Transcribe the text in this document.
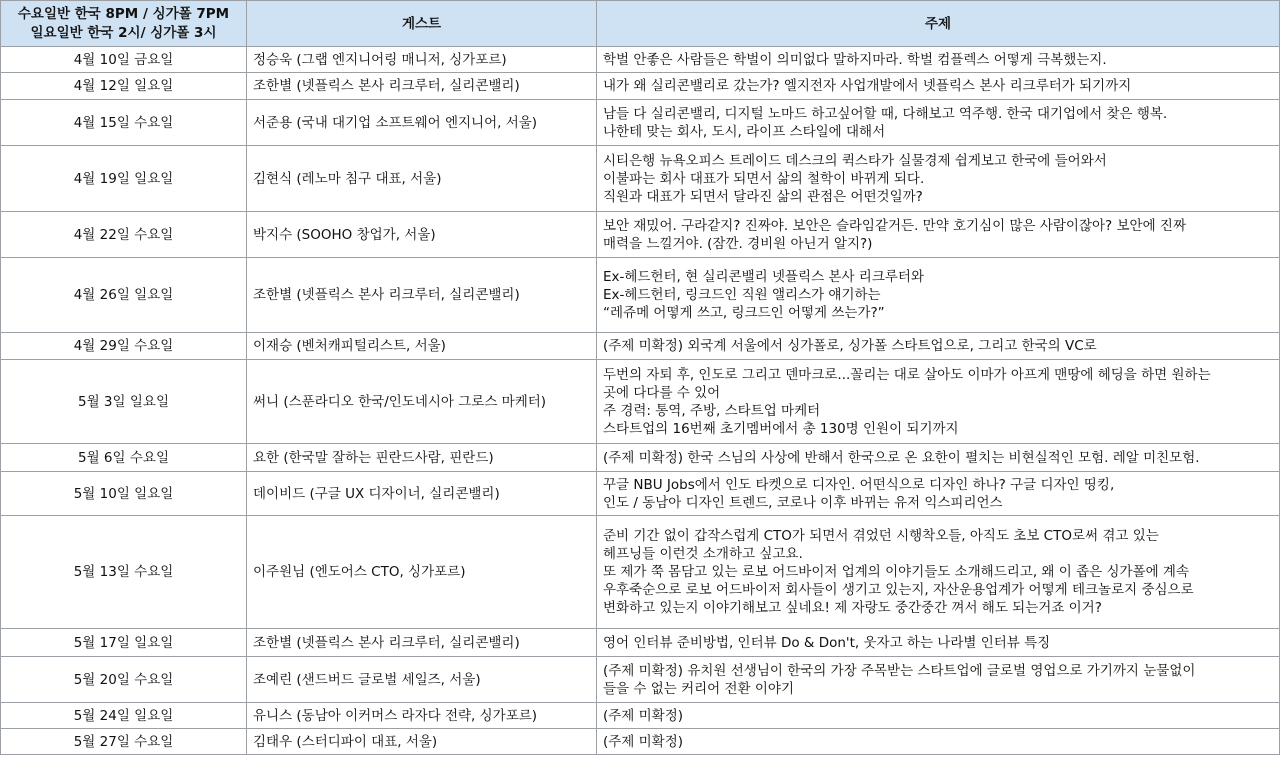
수요일반 한국 8PM / 싱가폴 7PM
일요일반 한국 2시/ 싱가폴 3시	게스트	주제
4월 10일 금요일	정승욱 (그랩 엔지니어링 매니저, 싱가포르)	학벌 안좋은 사람들은 학벌이 의미없다 말하지마라. 학벌 컴플렉스 어떻게 극복했는지.

4월 12일 일요일	조한별 (넷플릭스 본사 리크루터, 실리콘밸리)	내가 왜 실리콘밸리로 갔는가? 엘지전자 사업개발에서 넷플릭스 본사 리크루터가 되기까지

4월 15일 수요일	서준용 (국내 대기업 소프트웨어 엔지니어, 서울)	남들 다 실리콘밸리, 디지털 노마드 하고싶어할 때, 다해보고 역주행. 한국 대기업에서 찾은 행복.
나한테 맞는 회사, 도시, 라이프 스타일에 대해서

4월 19일 일요일	김현식 (레노마 침구 대표, 서울)	시티은행 뉴욕오피스 트레이드 데스크의 퀵스타가 실물경제 쉽게보고 한국에 들어와서
이불파는 회사 대표가 되면서 삶의 철학이 바뀌게 되다.
직원과 대표가 되면서 달라진 삶의 관점은 어떤것일까?

4월 22일 수요일	박지수 (SOOHO 창업가, 서울)	보안 재밌어. 구라같지? 진짜야. 보안은 슬라임같거든. 만약 호기심이 많은 사람이잖아? 보안에 진짜
매력을 느낄거야. (잠깐. 경비원 아닌거 알지?)

4월 26일 일요일	조한별 (넷플릭스 본사 리크루터, 실리콘밸리)	Ex-헤드헌터, 현 실리콘밸리 넷플릭스 본사 리크루터와
Ex-헤드헌터, 링크드인 직원 앨리스가 얘기하는
“레쥬메 어떻게 쓰고, 링크드인 어떻게 쓰는가?”

4월 29일 수요일	이재승 (벤처캐피털리스트, 서울)	(주제 미확정) 외국계 서울에서 싱가폴로, 싱가폴 스타트업으로, 그리고 한국의 VC로

5월 3일 일요일	써니 (스푼라디오 한국/인도네시아 그로스 마케터)	두번의 자퇴 후, 인도로 그리고 덴마크로...꼴리는 대로 살아도 이마가 아프게 맨땅에 헤딩을 하면 원하는
곳에 다다를 수 있어
주 경력: 통역, 주방, 스타트업 마케터
스타트업의 16번째 초기멤버에서 총 130명 인원이 되기까지

5월 6일 수요일	요한 (한국말 잘하는 핀란드사람, 핀란드)	(주제 미확정) 한국 스님의 사상에 반해서 한국으로 온 요한이 펼치는 비현실적인 모험. 레알 미친모험.

5월 10일 일요일	데이비드 (구글 UX 디자이너, 실리콘밸리)	꾸글 NBU Jobs에서 인도 타켓으로 디자인. 어떤식으로 디자인 하나? 구글 디자인 띵킹,
인도 / 동남아 디자인 트렌드, 코로나 이후 바뀌는 유저 익스피리언스

5월 13일 수요일	이주원님 (엔도어스 CTO, 싱가포르)	준비 기간 없이 갑작스럽게 CTO가 되면서 겪었던 시행착오들, 아직도 초보 CTO로써 겪고 있는
헤프닝들 이런것 소개하고 싶고요.
또 제가 쭉 몸담고 있는 로보 어드바이저 업계의 이야기들도 소개해드리고, 왜 이 좁은 싱가폴에 계속
우후죽순으로 로보 어드바이저 회사들이 생기고 있는지, 자산운용업계가 어떻게 테크놀로지 중심으로
변화하고 있는지 이야기해보고 싶네요! 제 자랑도 중간중간 껴서 해도 되는거죠 이거?

5월 17일 일요일	조한별 (넷플릭스 본사 리크루터, 실리콘밸리)	영어 인터뷰 준비방법, 인터뷰 Do & Don't, 웃자고 하는 나라별 인터뷰 특징

5월 20일 수요일	조예린 (샌드버드 글로벌 세일즈, 서울)	(주제 미확정) 유치원 선생님이 한국의 가장 주목받는 스타트업에 글로벌 영업으로 가기까지 눈물없이
들을 수 없는 커리어 전환 이야기

5월 24일 일요일	유니스 (동남아 이커머스 라자다 전략, 싱가포르)	(주제 미확정)

5월 27일 수요일	김태우 (스터디파이 대표, 서울)	(주제 미확정)
